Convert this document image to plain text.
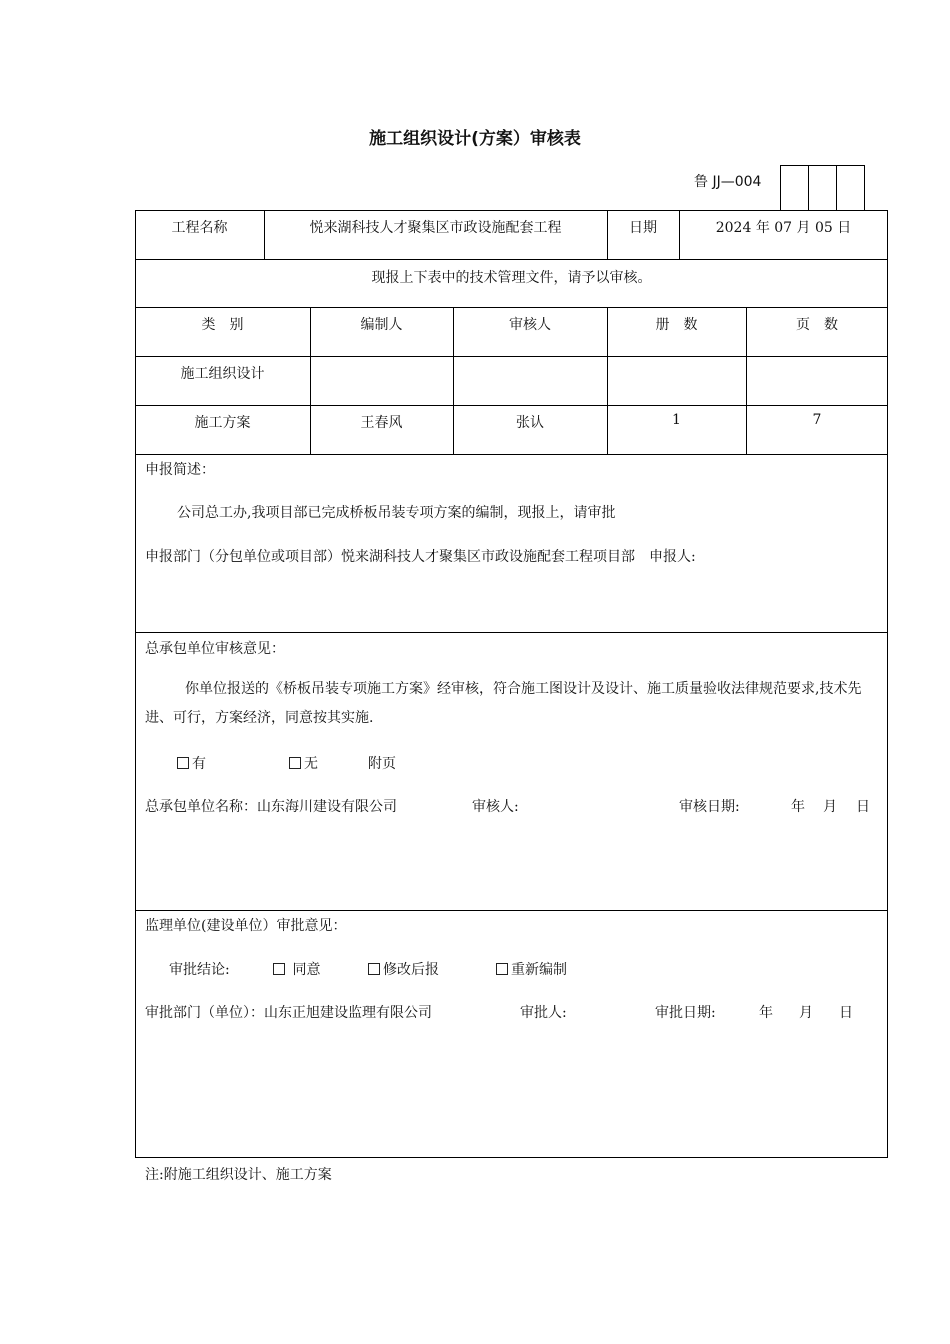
施工组织设计(方案）审核表
鲁 JJ—004
工程名称	悦来湖科技人才聚集区市政设施配套工程	日期	2024 年 07 月 05 日
现报上下表中的技术管理文件，请予以审核。
类　别	编制人	审核人	册　数	页　数
施工组织设计
施工方案	王春风	张认	1	7
申报简述：
公司总工办,我项目部已完成桥板吊装专项方案的编制，现报上，请审批
申报部门（分包单位或项目部）悦来湖科技人才聚集区市政设施配套工程项目部　申报人:
总承包单位审核意见：
你单位报送的《桥板吊装专项施工方案》经审核，符合施工图设计及设计、施工质量验收法律规范要求,技术先进、可行，方案经济，同意按其实施.
有	无	附页
总承包单位名称：山东海川建设有限公司	审核人:	审核日期:	年 月 日
监理单位(建设单位）审批意见：
审批结论:	同意	修改后报	重新编制
审批部门（单位）：山东正旭建设监理有限公司	审批人:	审批日期:	年 月 日
注:附施工组织设计、施工方案
